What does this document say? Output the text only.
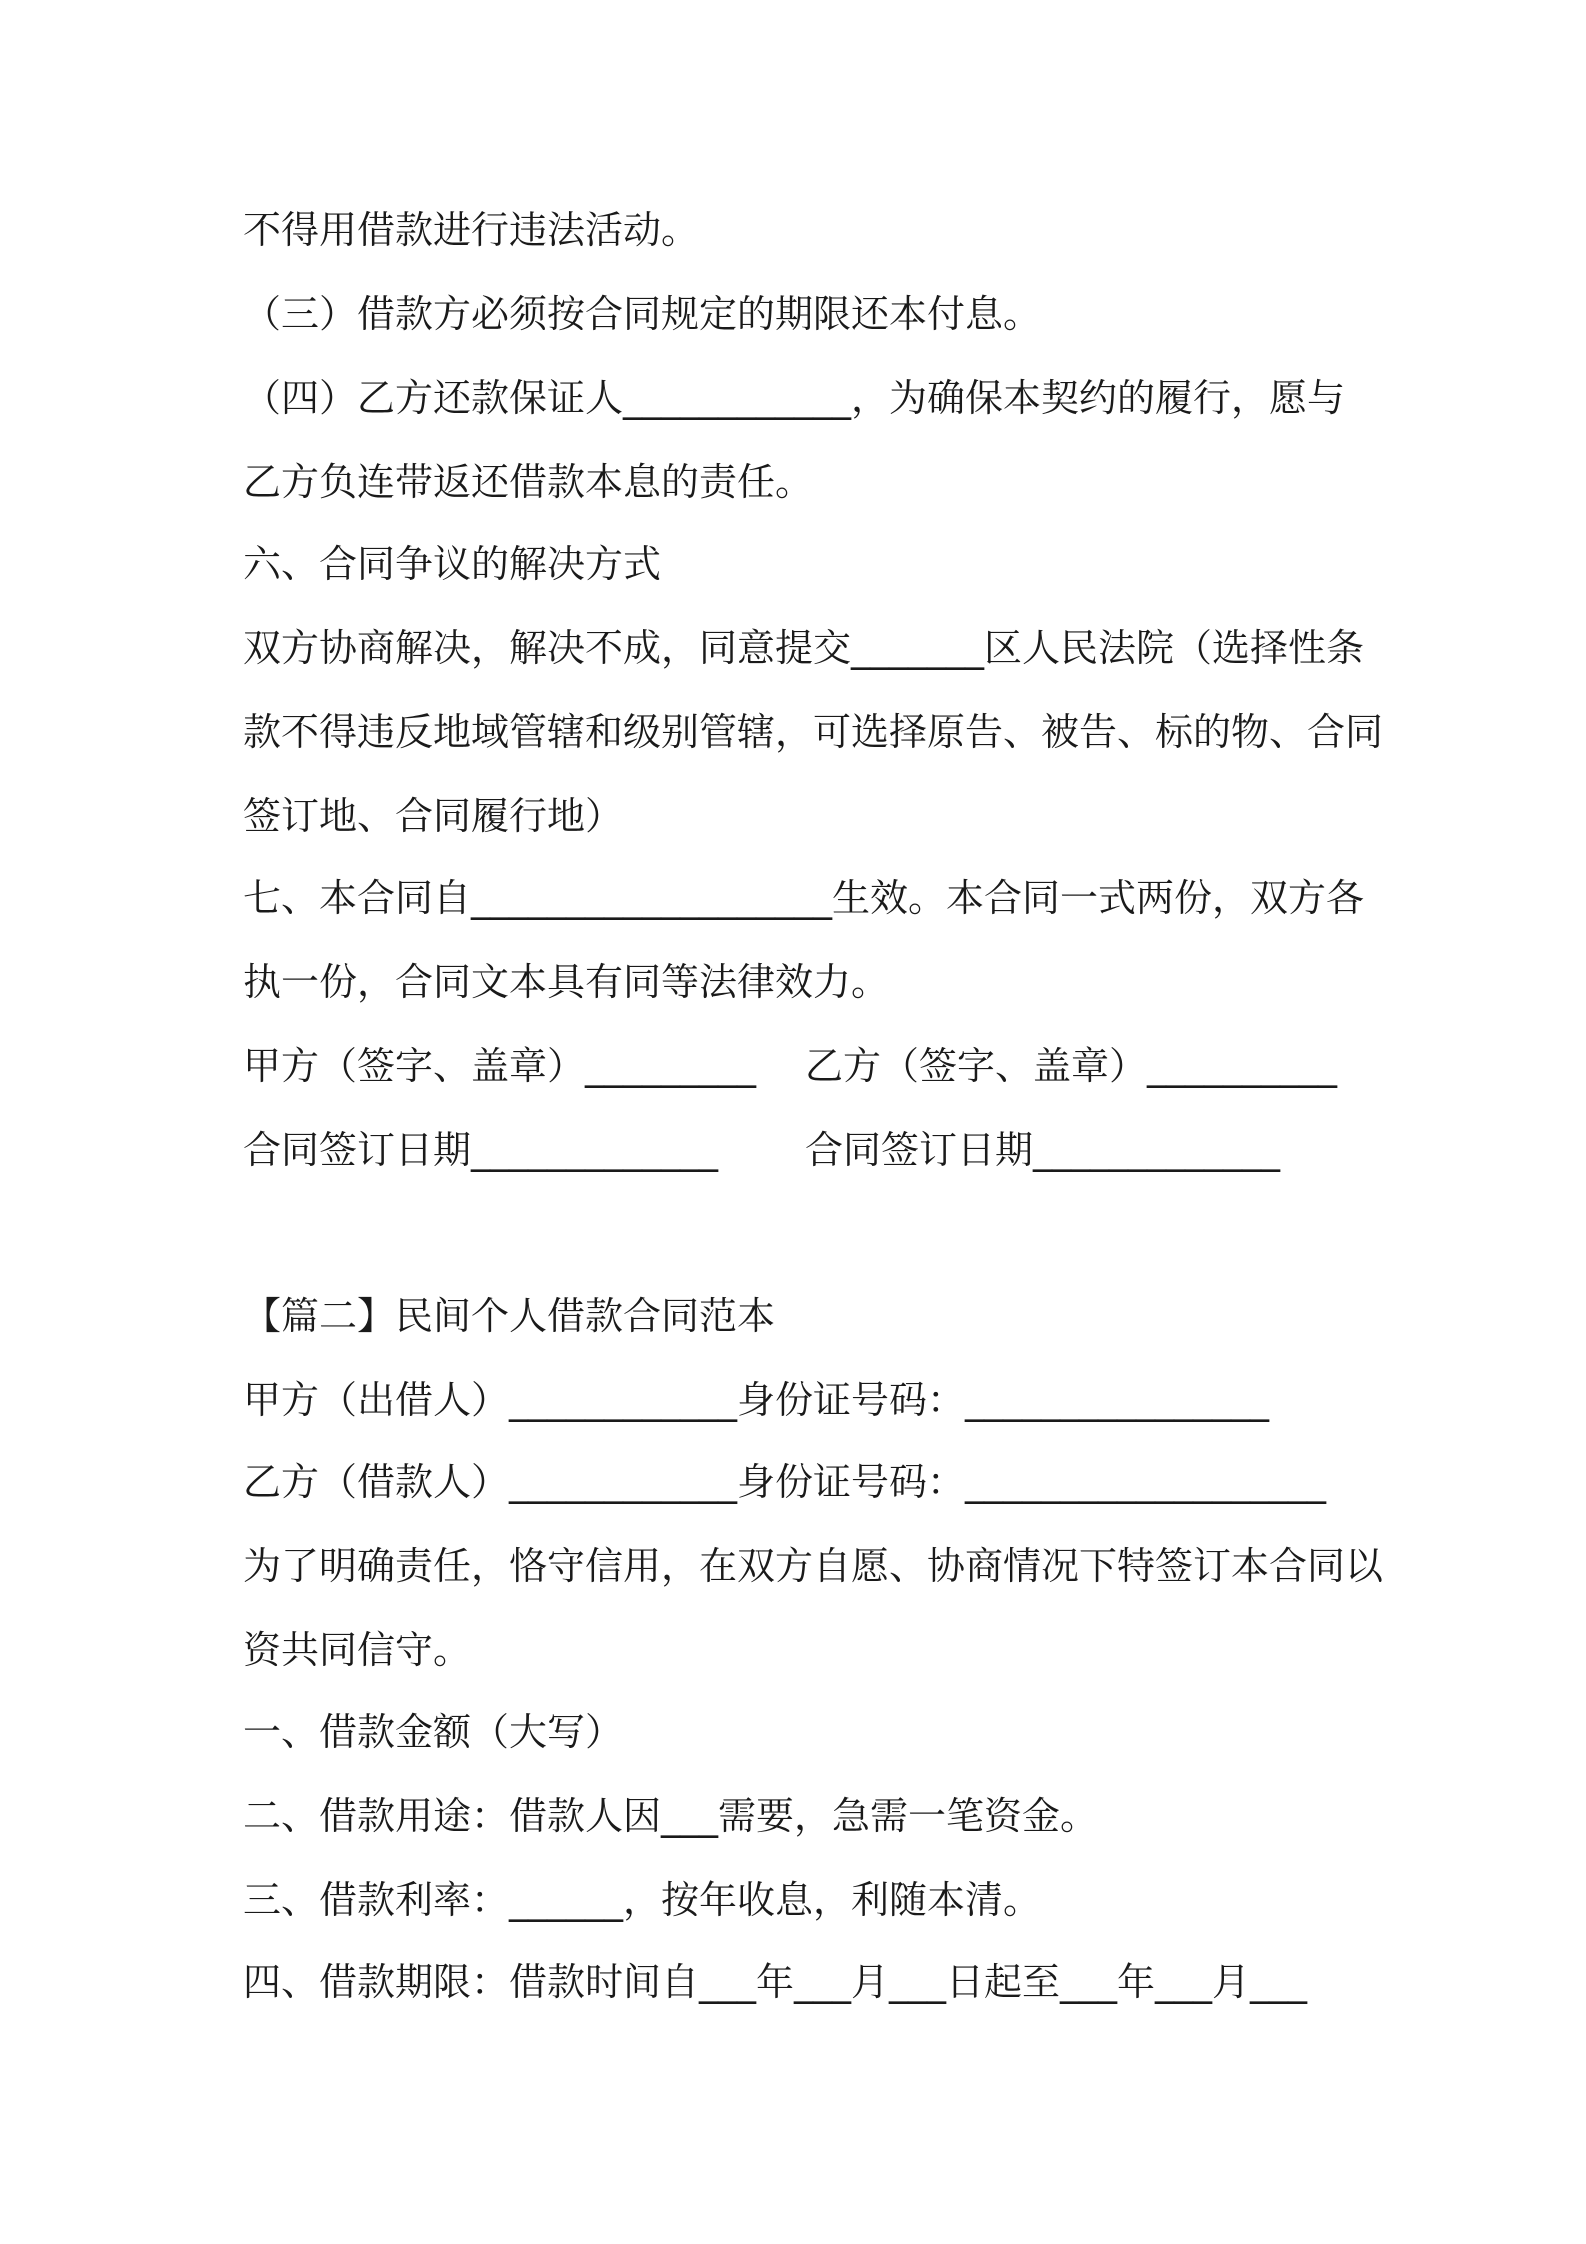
不得用借款进行违法活动。
（三）借款方必须按合同规定的期限还本付息。
（四）乙方还款保证人____________，为确保本契约的履行，愿与
乙方负连带返还借款本息的责任。
六、合同争议的解决方式
双方协商解决，解决不成，同意提交_______区人民法院（选择性条
款不得违反地域管辖和级别管辖，可选择原告、被告、标的物、合同
签订地、合同履行地）
七、本合同自___________________生效。本合同一式两份，双方各
执一份，合同文本具有同等法律效力。
甲方（签字、盖章）_________ 乙方（签字、盖章）__________
合同签订日期_____________ 合同签订日期_____________
【篇二】民间个人借款合同范本
甲方（出借人）____________身份证号码：________________
乙方（借款人）____________身份证号码：___________________
为了明确责任，恪守信用，在双方自愿、协商情况下特签订本合同以
资共同信守。
一、借款金额（大写）
二、借款用途：借款人因___需要，急需一笔资金。
三、借款利率：______，按年收息，利随本清。
四、借款期限：借款时间自___年___月___日起至___年___月___
